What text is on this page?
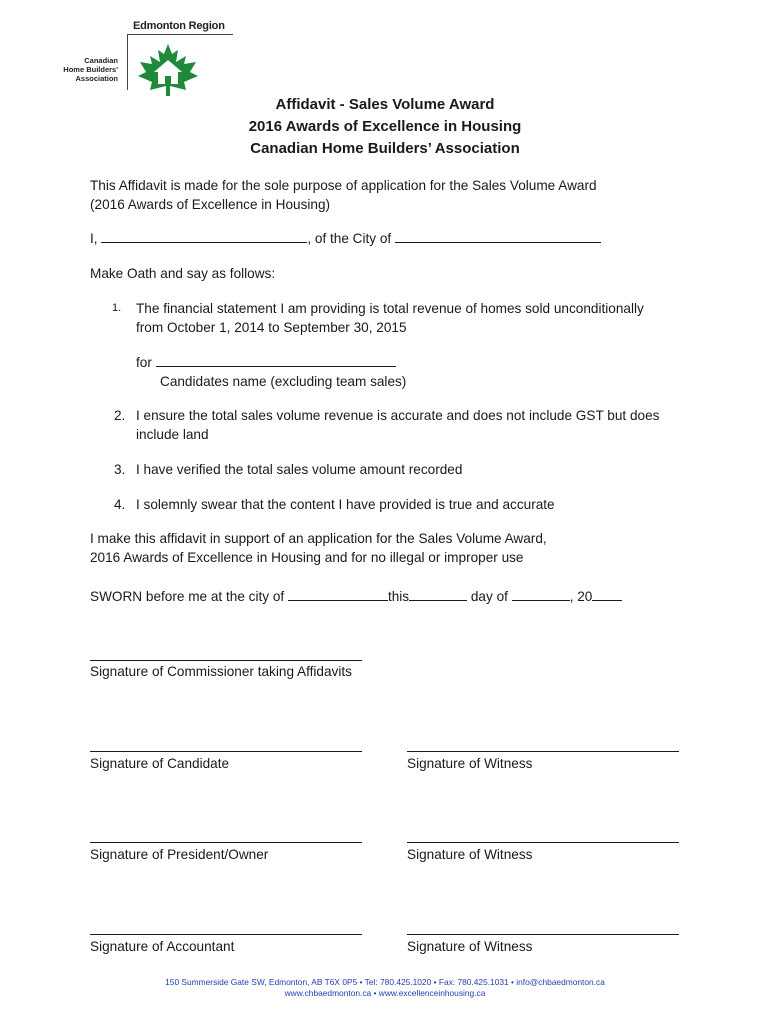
Edmonton Region
Canadian
Home Builders'
Association
Affidavit - Sales Volume Award
2016 Awards of Excellence in Housing
Canadian Home Builders’ Association
This Affidavit is made for the sole purpose of application for the Sales Volume Award
(2016 Awards of Excellence in Housing)
I,	, of the City of
Make Oath and say as follows:
1. The financial statement I am providing is total revenue of homes sold unconditionally
from October 1, 2014 to September 30, 2015
for
Candidates name (excluding team sales)
2. I ensure the total sales volume revenue is accurate and does not include GST but does
include land
3. I have verified the total sales volume amount recorded
4. I solemnly swear that the content I have provided is true and accurate
I make this affidavit in support of an application for the Sales Volume Award,
2016 Awards of Excellence in Housing and for no illegal or improper use
SWORN before me at the city of	this	day of	, 20
Signature of Commissioner taking Affidavits
Signature of Candidate	Signature of Witness
Signature of President/Owner	Signature of Witness
Signature of Accountant	Signature of Witness
150 Summerside Gate SW, Edmonton, AB T6X 0P5 • Tel: 780.425.1020 • Fax: 780.425.1031 • info@chbaedmonton.ca
www.chbaedmonton.ca • www.excellenceinhousing.ca
